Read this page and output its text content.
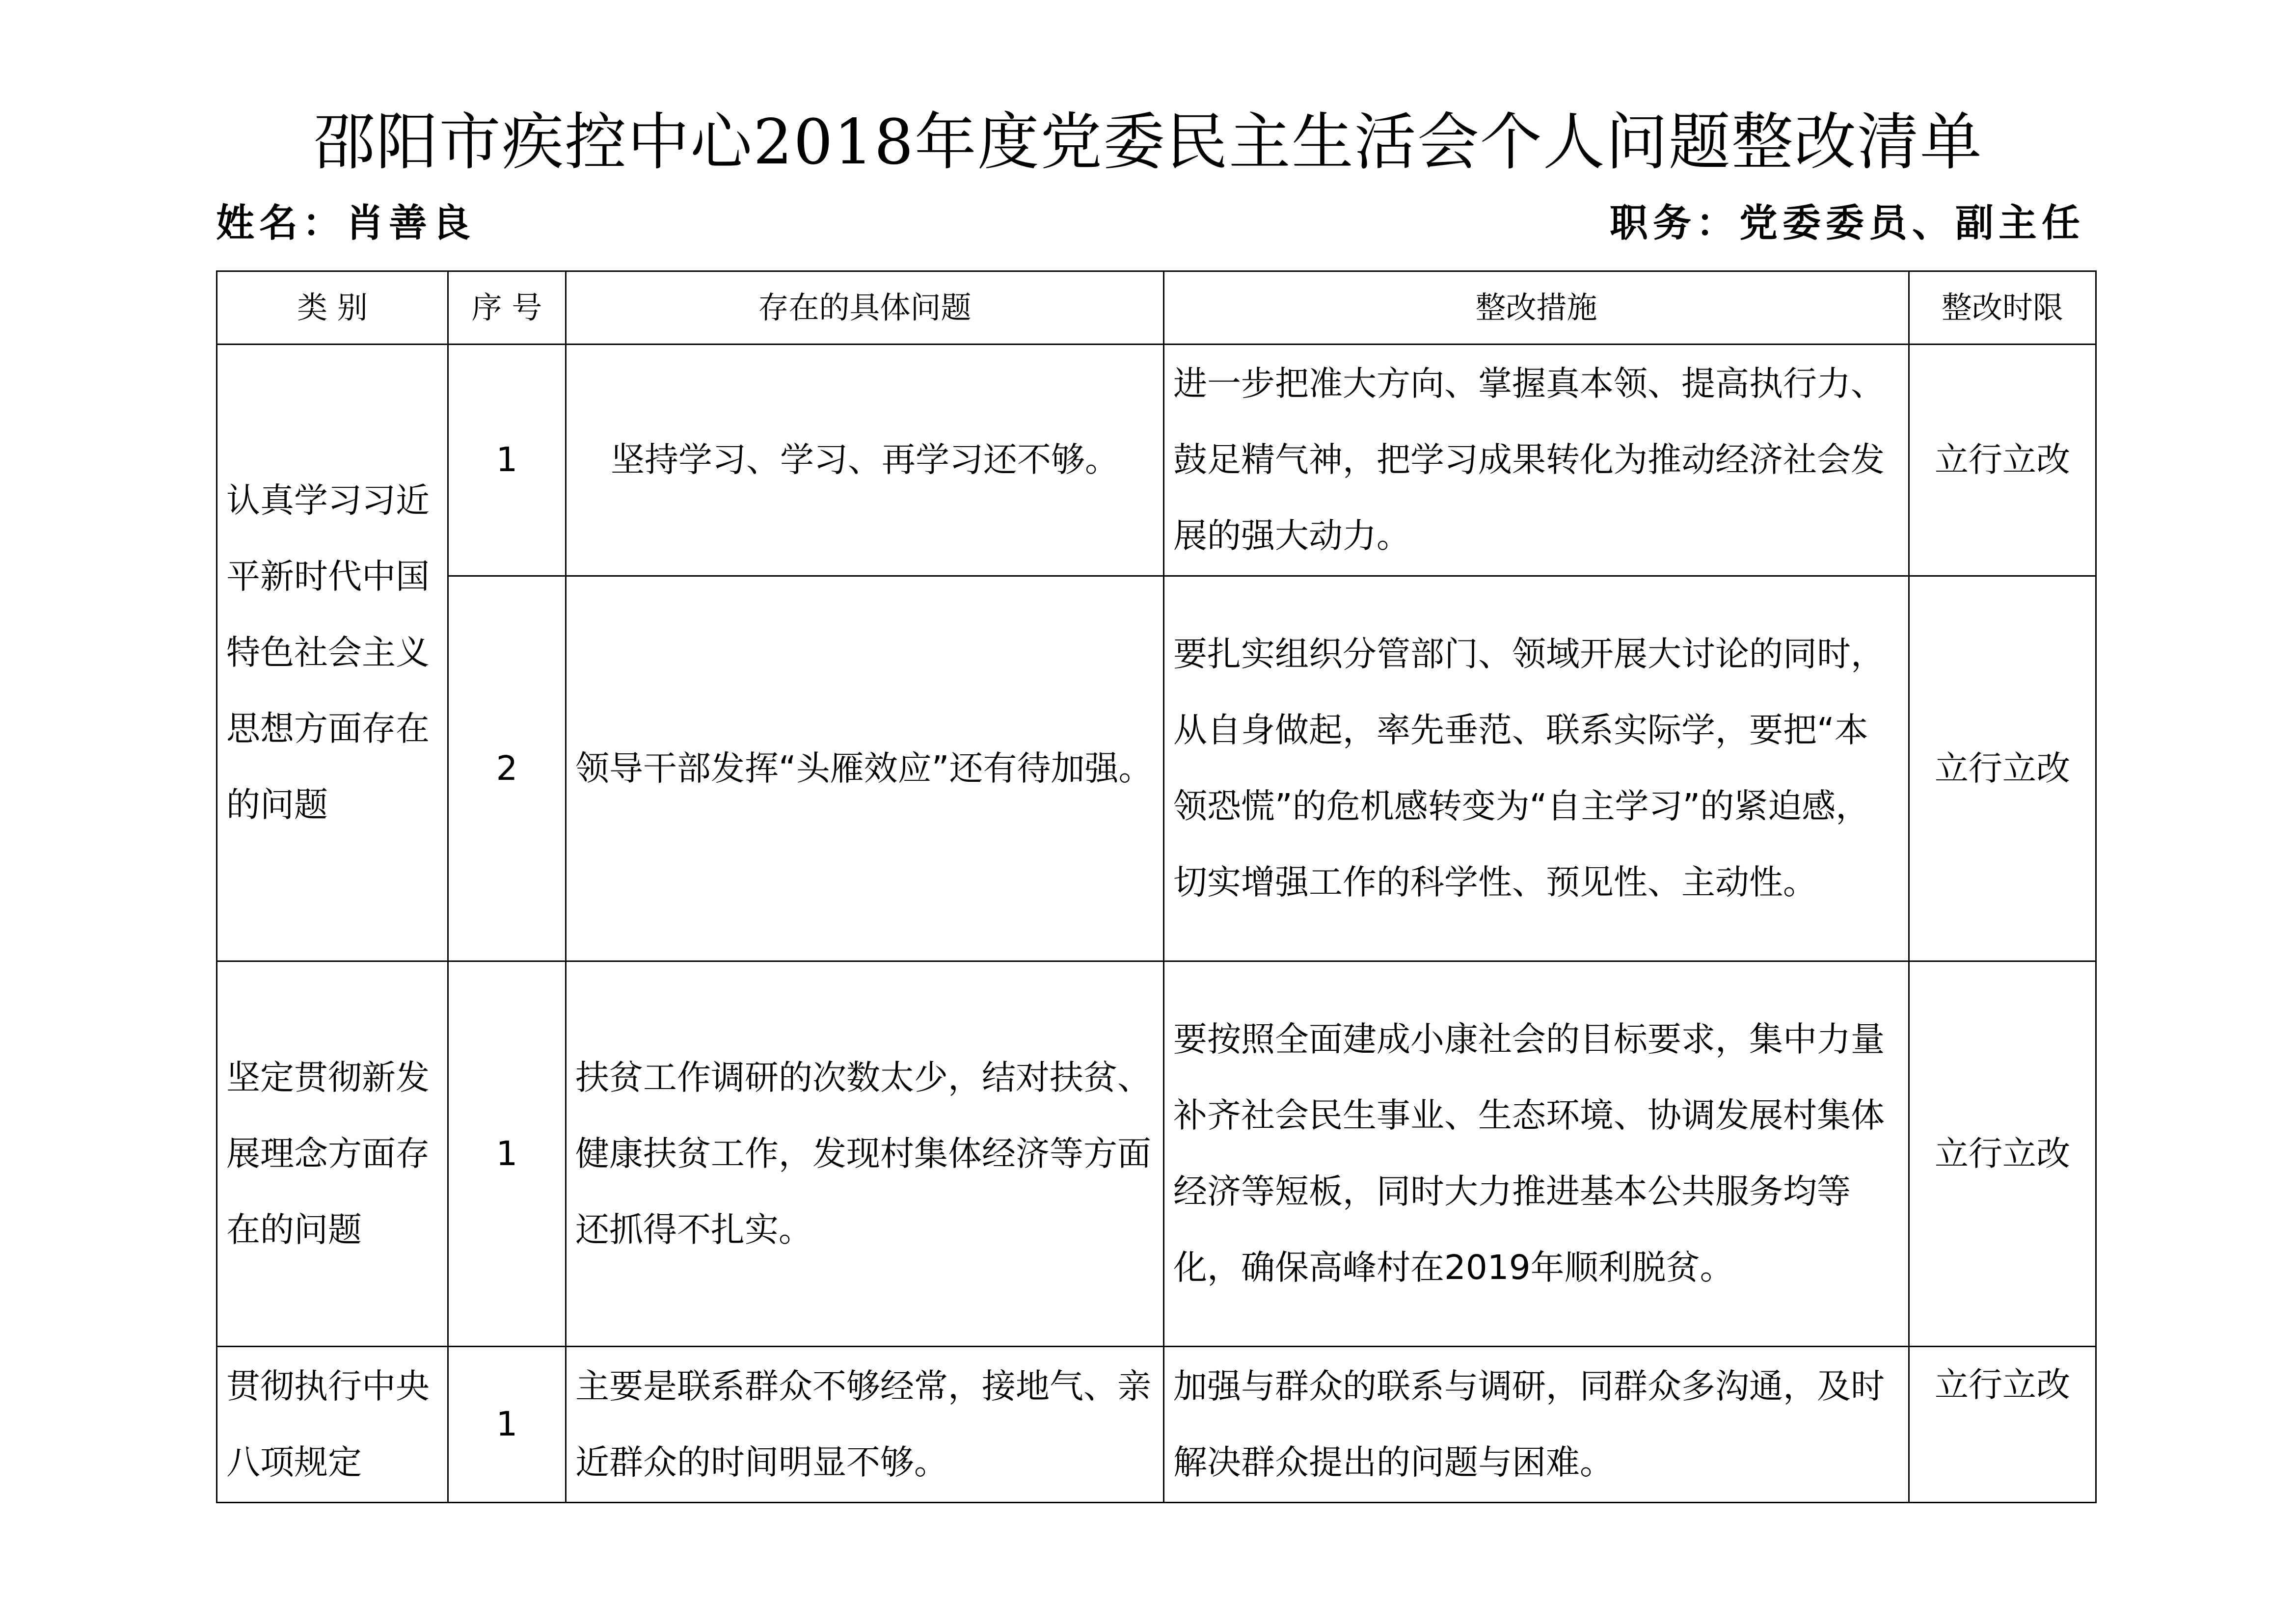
邵阳市疾控中心2018年度党委民主生活会个人问题整改清单
姓名：肖善良	职务：党委委员、副主任
类 别	序 号	存在的具体问题	整改措施	整改时限
认真学习习近平新时代中国特色社会主义思想方面存在的问题	1	坚持学习、学习、再学习还不够。	进一步把准大方向、掌握真本领、提高执行力、鼓足精气神，把学习成果转化为推动经济社会发展的强大动力。	立行立改
	2	领导干部发挥“头雁效应”还有待加强。	要扎实组织分管部门、领域开展大讨论的同时，从自身做起，率先垂范、联系实际学，要把“本领恐慌”的危机感转变为“自主学习”的紧迫感，切实增强工作的科学性、预见性、主动性。	立行立改
坚定贯彻新发展理念方面存在的问题	1	扶贫工作调研的次数太少，结对扶贫、健康扶贫工作，发现村集体经济等方面还抓得不扎实。	要按照全面建成小康社会的目标要求，集中力量补齐社会民生事业、生态环境、协调发展村集体经济等短板，同时大力推进基本公共服务均等化，确保高峰村在2019年顺利脱贫。	立行立改
贯彻执行中央八项规定	1	主要是联系群众不够经常，接地气、亲近群众的时间明显不够。	加强与群众的联系与调研，同群众多沟通，及时解决群众提出的问题与困难。	立行立改
